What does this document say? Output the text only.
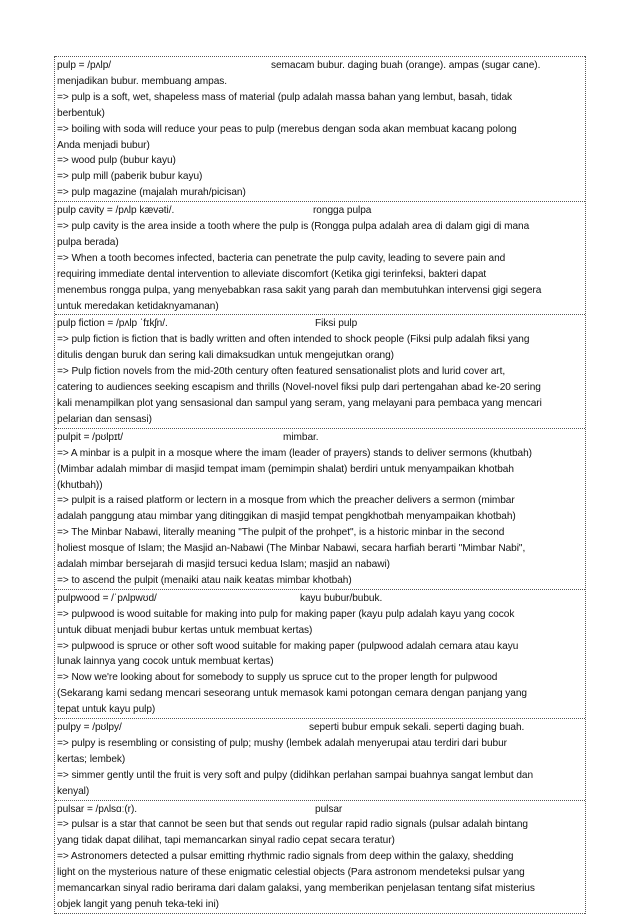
pulp = /pʌlp/	semacam bubur. daging buah (orange). ampas (sugar cane).
menjadikan bubur. membuang ampas.
=> pulp is a soft, wet, shapeless mass of material (pulp adalah massa bahan yang lembut, basah, tidak
berbentuk)
=> boiling with soda will reduce your peas to pulp (merebus dengan soda akan membuat kacang polong
Anda menjadi bubur)
=> wood pulp (bubur kayu)
=> pulp mill (paberik bubur kayu)
=> pulp magazine (majalah murah/picisan)
pulp cavity = /pʌlp kævəti/.	rongga pulpa
=> pulp cavity is the area inside a tooth where the pulp is (Rongga pulpa adalah area di dalam gigi di mana
pulpa berada)
=> When a tooth becomes infected, bacteria can penetrate the pulp cavity, leading to severe pain and
requiring immediate dental intervention to alleviate discomfort (Ketika gigi terinfeksi, bakteri dapat
menembus rongga pulpa, yang menyebabkan rasa sakit yang parah dan membutuhkan intervensi gigi segera
untuk meredakan ketidaknyamanan)
pulp fiction = /pʌlp ˈfɪkʃn/.	Fiksi pulp
=> pulp fiction is fiction that is badly written and often intended to shock people (Fiksi pulp adalah fiksi yang
ditulis dengan buruk dan sering kali dimaksudkan untuk mengejutkan orang)
=> Pulp fiction novels from the mid-20th century often featured sensationalist plots and lurid cover art,
catering to audiences seeking escapism and thrills (Novel-novel fiksi pulp dari pertengahan abad ke-20 sering
kali menampilkan plot yang sensasional dan sampul yang seram, yang melayani para pembaca yang mencari
pelarian dan sensasi)
pulpit = /pʊlpɪt/	mimbar.
=> A minbar is a pulpit in a mosque where the imam (leader of prayers) stands to deliver sermons (khutbah)
(Mimbar adalah mimbar di masjid tempat imam (pemimpin shalat) berdiri untuk menyampaikan khotbah
(khutbah))
=> pulpit is a raised platform or lectern in a mosque from which the preacher delivers a sermon (mimbar
adalah panggung atau mimbar yang ditinggikan di masjid tempat pengkhotbah menyampaikan khotbah)
=> The Minbar Nabawi, literally meaning "The pulpit of the prohpet", is a historic minbar in the second
holiest mosque of Islam; the Masjid an-Nabawi (The Minbar Nabawi, secara harfiah berarti "Mimbar Nabi",
adalah mimbar bersejarah di masjid tersuci kedua Islam; masjid an nabawi)
=> to ascend the pulpit (menaiki atau naik keatas mimbar khotbah)
pulpwood = /ˈpʌlpwʊd/	kayu bubur/bubuk.
=> pulpwood is wood suitable for making into pulp for making paper (kayu pulp adalah kayu yang cocok
untuk dibuat menjadi bubur kertas untuk membuat kertas)
=> pulpwood is spruce or other soft wood suitable for making paper (pulpwood adalah cemara atau kayu
lunak lainnya yang cocok untuk membuat kertas)
=> Now we're looking about for somebody to supply us spruce cut to the proper length for pulpwood
(Sekarang kami sedang mencari seseorang untuk memasok kami potongan cemara dengan panjang yang
tepat untuk kayu pulp)
pulpy = /pʊlpy/	seperti bubur empuk sekali. seperti daging buah.
=> pulpy is resembling or consisting of pulp; mushy (lembek adalah menyerupai atau terdiri dari bubur
kertas; lembek)
=> simmer gently until the fruit is very soft and pulpy (didihkan perlahan sampai buahnya sangat lembut dan
kenyal)
pulsar = /pʌlsɑː(r).	pulsar
=> pulsar is a star that cannot be seen but that sends out regular rapid radio signals (pulsar adalah bintang
yang tidak dapat dilihat, tapi memancarkan sinyal radio cepat secara teratur)
=> Astronomers detected a pulsar emitting rhythmic radio signals from deep within the galaxy, shedding
light on the mysterious nature of these enigmatic celestial objects (Para astronom mendeteksi pulsar yang
memancarkan sinyal radio berirama dari dalam galaksi, yang memberikan penjelasan tentang sifat misterius
objek langit yang penuh teka-teki ini)
